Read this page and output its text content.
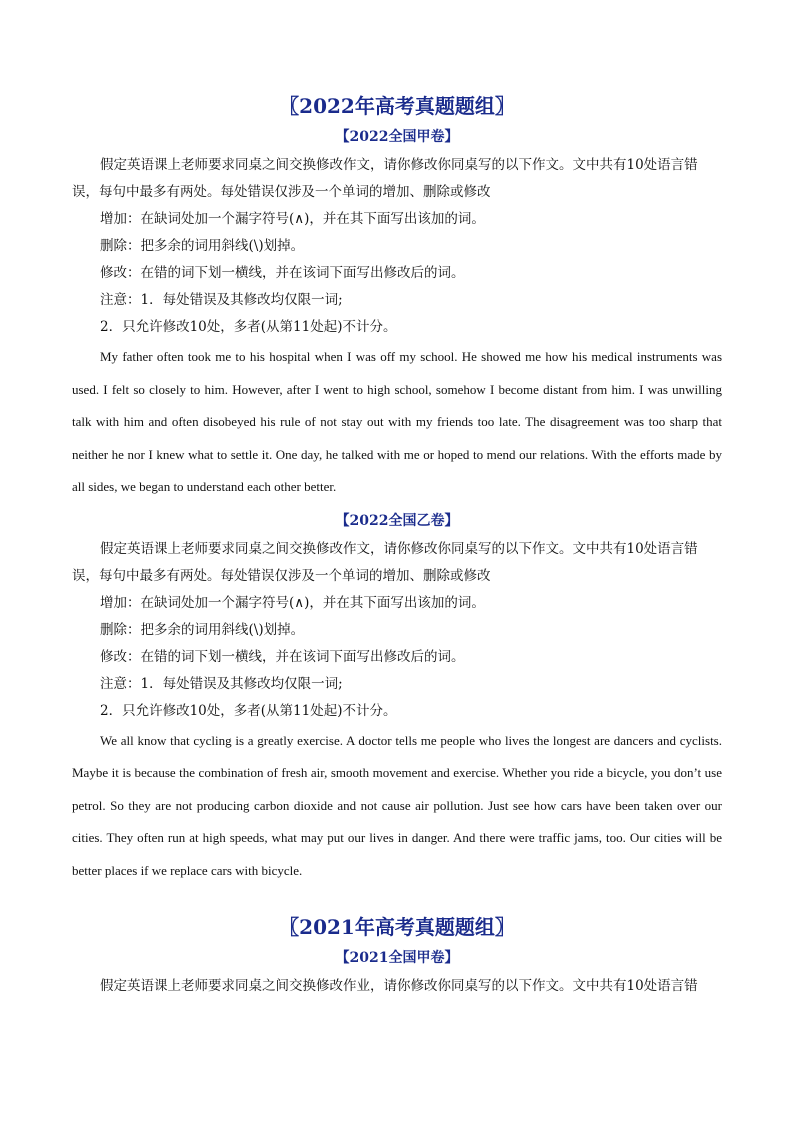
〖2022年高考真题题组〗
【2022全国甲卷】

假定英语课上老师要求同桌之间交换修改作文，请你修改你同桌写的以下作文。文中共有10处语言错误，每句中最多有两处。每处错误仅涉及一个单词的增加、删除或修改

增加：在缺词处加一个漏字符号(∧)，并在其下面写出该加的词。

删除：把多余的词用斜线(\)划掉。

修改：在错的词下划一横线，并在该词下面写出修改后的词。

注意：1．每处错误及其修改均仅限一词;

2．只允许修改10处，多者(从第11处起)不计分。

My father often took me to his hospital when I was off my school. He showed me how his medical instruments was used. I felt so closely to him. However, after I went to high school, somehow I become distant from him. I was unwilling talk with him and often disobeyed his rule of not stay out with my friends too late. The disagreement was too sharp that neither he nor I knew what to settle it. One day, he talked with me or hoped to mend our relations. With the efforts made by all sides, we began to understand each other better.

【2022全国乙卷】

假定英语课上老师要求同桌之间交换修改作文，请你修改你同桌写的以下作文。文中共有10处语言错误，每句中最多有两处。每处错误仅涉及一个单词的增加、删除或修改

增加：在缺词处加一个漏字符号(∧)，并在其下面写出该加的词。

删除：把多余的词用斜线(\)划掉。

修改：在错的词下划一横线，并在该词下面写出修改后的词。

注意：1．每处错误及其修改均仅限一词;

2．只允许修改10处，多者(从第11处起)不计分。

We all know that cycling is a greatly exercise. A doctor tells me people who lives the longest are dancers and cyclists. Maybe it is because the combination of fresh air, smooth movement and exercise. Whether you ride a bicycle, you don’t use petrol. So they are not producing carbon dioxide and not cause air pollution. Just see how cars have been taken over our cities. They often run at high speeds, what may put our lives in danger. And there were traffic jams, too. Our cities will be better places if we replace cars with bicycle.

〖2021年高考真题题组〗
【2021全国甲卷】

假定英语课上老师要求同桌之间交换修改作业，请你修改你同桌写的以下作文。文中共有10处语言错
